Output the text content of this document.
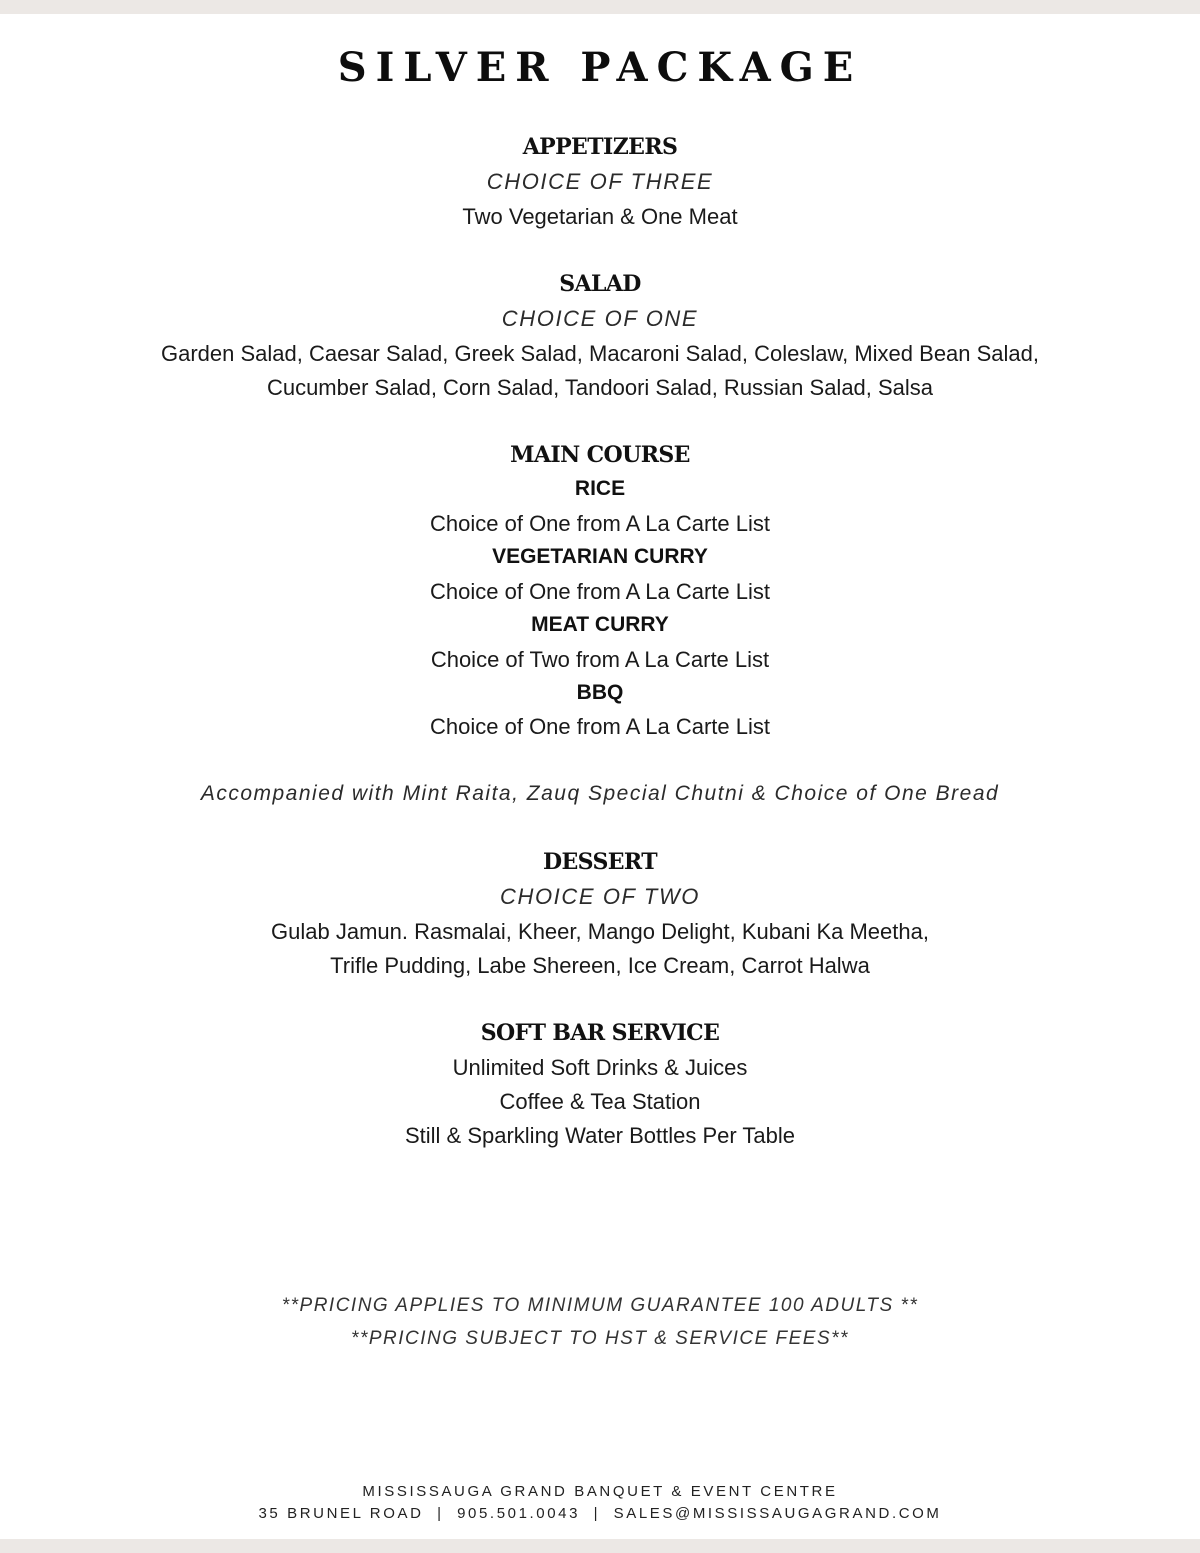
SILVER PACKAGE
APPETIZERS
CHOICE OF THREE
Two Vegetarian & One Meat
SALAD
CHOICE OF ONE
Garden Salad, Caesar Salad, Greek Salad, Macaroni Salad, Coleslaw, Mixed Bean Salad,
Cucumber Salad, Corn Salad, Tandoori Salad, Russian Salad, Salsa
MAIN COURSE
RICE
Choice of One from A La Carte List
VEGETARIAN CURRY
Choice of One from A La Carte List
MEAT CURRY
Choice of Two from A La Carte List
BBQ
Choice of One from A La Carte List
Accompanied with Mint Raita, Zauq Special Chutni & Choice of One Bread
DESSERT
CHOICE OF TWO
Gulab Jamun. Rasmalai, Kheer, Mango Delight, Kubani Ka Meetha,
Trifle Pudding, Labe Shereen, Ice Cream, Carrot Halwa
SOFT BAR SERVICE
Unlimited Soft Drinks & Juices
Coffee & Tea Station
Still & Sparkling Water Bottles Per Table
**PRICING APPLIES TO MINIMUM GUARANTEE 100 ADULTS **
**PRICING SUBJECT TO HST & SERVICE FEES**
MISSISSAUGA GRAND BANQUET & EVENT CENTRE
35 BRUNEL ROAD  |  905.501.0043  |  SALES@MISSISSAUGAGRAND.COM
